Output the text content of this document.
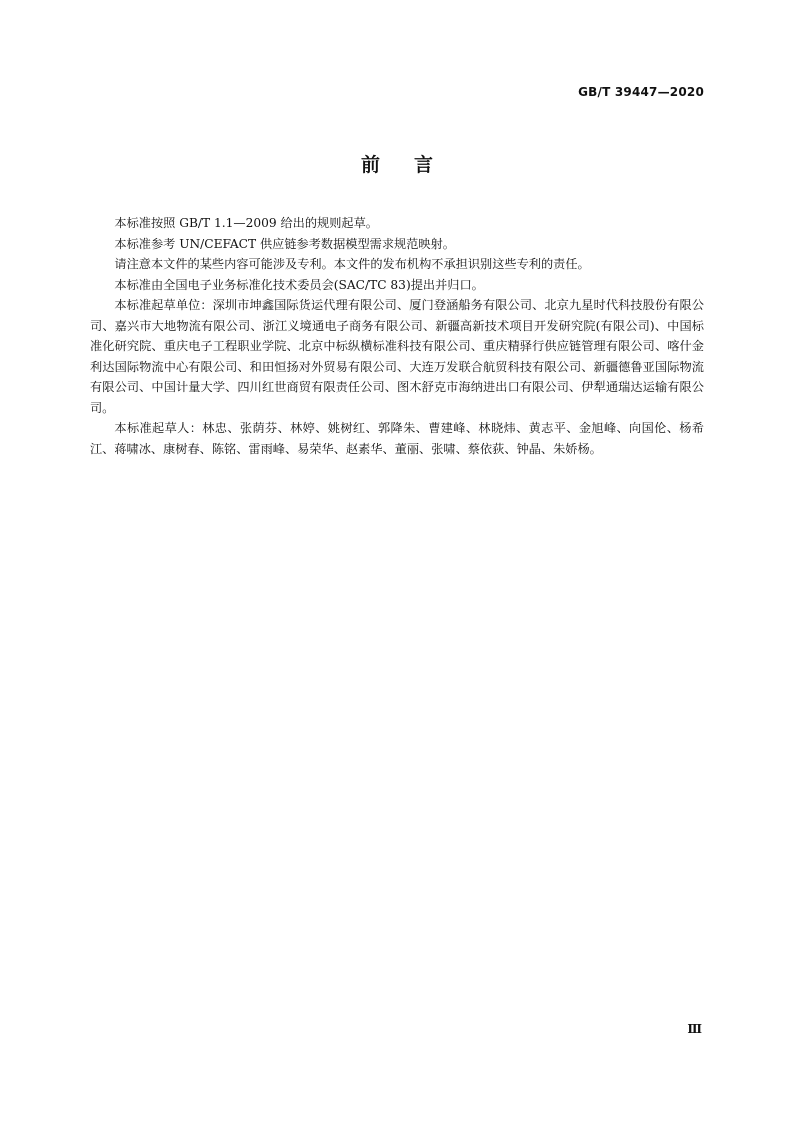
GB/T 39447—2020
前言

本标准按照 GB/T 1.1—2009 给出的规则起草。

本标准参考 UN/CEFACT 供应链参考数据模型需求规范映射。

请注意本文件的某些内容可能涉及专利。本文件的发布机构不承担识别这些专利的责任。

本标准由全国电子业务标准化技术委员会(SAC/TC 83)提出并归口。

本标准起草单位：深圳市坤鑫国际货运代理有限公司、厦门登涵船务有限公司、北京九星时代科技股份有限公司、嘉兴市大地物流有限公司、浙江义境通电子商务有限公司、新疆高新技术项目开发研究院(有限公司)、中国标准化研究院、重庆电子工程职业学院、北京中标纵横标准科技有限公司、重庆精驿行供应链管理有限公司、喀什金利达国际物流中心有限公司、和田恒扬对外贸易有限公司、大连万发联合航贸科技有限公司、新疆德鲁亚国际物流有限公司、中国计量大学、四川红世商贸有限责任公司、图木舒克市海纳进出口有限公司、伊犁通瑞达运输有限公司。

本标准起草人：林忠、张荫芬、林婷、姚树红、郭降朱、曹建峰、林晓炜、黄志平、金旭峰、向国伦、杨希江、蒋啸冰、康树春、陈铭、雷雨峰、易荣华、赵素华、董丽、张啸、蔡依荻、钟晶、朱娇杨。

Ⅲ
